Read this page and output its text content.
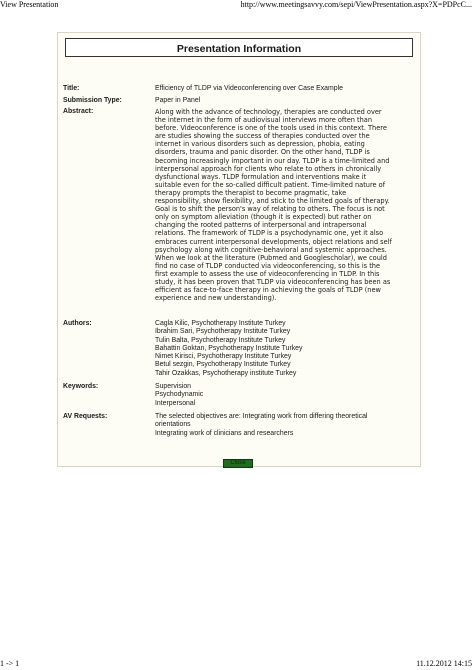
View Presentation	http://www.meetingsavvy.com/sepi/ViewPresentation.aspx?X=PDPcC...
Presentation Information
Title:	Efficiency of TLDP via Videoconferencing over Case Example
Submission Type:	Paper in Panel
Abstract:	Along with the advance of technology, therapies are conducted over
the internet in the form of audiovisual interviews more often than
before. Videoconference is one of the tools used in this context. There
are studies showing the success of therapies conducted over the
internet in various disorders such as depression, phobia, eating
disorders, trauma and panic disorder. On the other hand, TLDP is
becoming increasingly important in our day. TLDP is a time-limited and
interpersonal approach for clients who relate to others in chronically
dysfunctional ways. TLDP formulation and interventions make it
suitable even for the so-called difficult patient. Time-limited nature of
therapy prompts the therapist to become pragmatic, take
responsibility, show flexibility, and stick to the limited goals of therapy.
Goal is to shift the person's way of relating to others. The focus is not
only on symptom alleviation (though it is expected) but rather on
changing the rooted patterns of interpersonal and intrapersonal
relations. The framework of TLDP is a psychodynamic one, yet it also
embraces current interpersonal developments, object relations and self
psychology along with cognitive-behavioral and systemic approaches.
When we look at the literature (Pubmed and Googlescholar), we could
find no case of TLDP conducted via videoconferencing, so this is the
first example to assess the use of videoconferencing in TLDP. In this
study, it has been proven that TLDP via videoconferencing has been as
efficient as face-to-face therapy in achieving the goals of TLDP (new
experience and new understanding).
Authors:	Cagla Kilic, Psychotherapy Institute Turkey
Ibrahim Sari, Psychotherapy Institute Turkey
Tulin Balta, Psychotherapy Institute Turkey
Bahattin Goktan, Psychotherapy Institute Turkey
Nimet Kirisci, Psychotherapy Institute Turkey
Betul sezgin, Psychotherapy Institute Turkey
Tahir Ozakkas, Psychotherapy institute Turkey
Keywords:	Supervision
Psychodynamic
Interpersonal
AV Requests:	The selected objectives are: Integrating work from differing theoretical
orientations
Integrating work of clinicians and researchers
Close
1 -> 1	11.12.2012 14:15
